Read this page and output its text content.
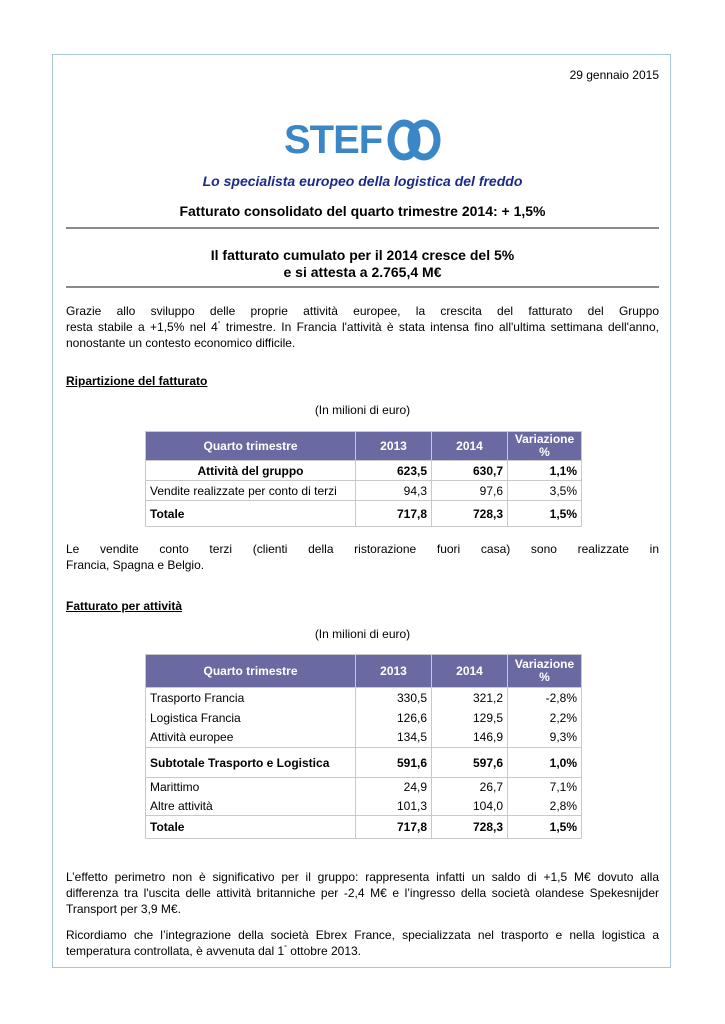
29 gennaio 2015
STEF
Lo specialista europeo della logistica del freddo
Fatturato consolidato del quarto trimestre 2014: + 1,5%
Il fatturato cumulato per il 2014 cresce del 5%
e si attesta a 2.765,4 M€
Grazie allo sviluppo delle proprie attività europee, la crescita del fatturato del Gruppo
resta stabile a +1,5% nel 4° trimestre. In Francia l'attività è stata intensa fino all'ultima settimana dell'anno,
nonostante un contesto economico difficile.
Ripartizione del fatturato
(In milioni di euro)
Quarto trimestre	2013	2014	Variazione %
Attività del gruppo	623,5	630,7	1,1%
Vendite realizzate per conto di terzi	94,3	97,6	3,5%
Totale	717,8	728,3	1,5%
Le vendite conto terzi (clienti della ristorazione fuori casa) sono realizzate in
Francia, Spagna e Belgio.
Fatturato per attività
(In milioni di euro)
Quarto trimestre	2013	2014	Variazione %
Trasporto Francia	330,5	321,2	-2,8%
Logistica Francia	126,6	129,5	2,2%
Attività europee	134,5	146,9	9,3%
Subtotale Trasporto e Logistica	591,6	597,6	1,0%
Marittimo	24,9	26,7	7,1%
Altre attività	101,3	104,0	2,8%
Totale	717,8	728,3	1,5%
L’effetto perimetro non è significativo per il gruppo: rappresenta infatti un saldo di +1,5 M€ dovuto alla
differenza tra l'uscita delle attività britanniche per -2,4 M€ e l’ingresso della società olandese Spekesnijder
Transport per 3,9 M€.
Ricordiamo che l’integrazione della società Ebrex France, specializzata nel trasporto e nella logistica a
temperatura controllata, è avvenuta dal 1° ottobre 2013.
